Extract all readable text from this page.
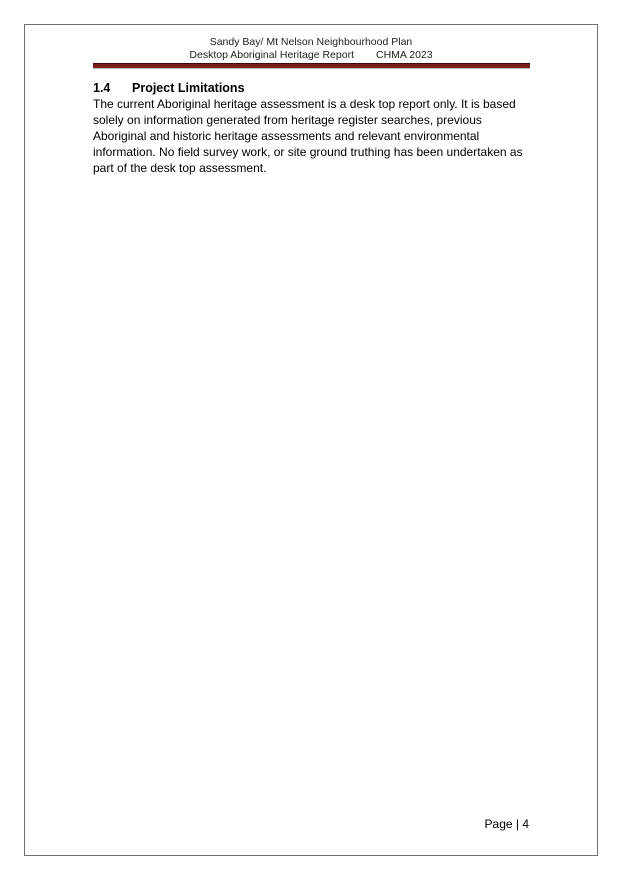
Sandy Bay/ Mt Nelson Neighbourhood Plan
Desktop Aboriginal Heritage Report CHMA 2023

1.4 Project Limitations

The current Aboriginal heritage assessment is a desk top report only. It is based solely on information generated from heritage register searches, previous Aboriginal and historic heritage assessments and relevant environmental information. No field survey work, or site ground truthing has been undertaken as part of the desk top assessment.

Page | 4
